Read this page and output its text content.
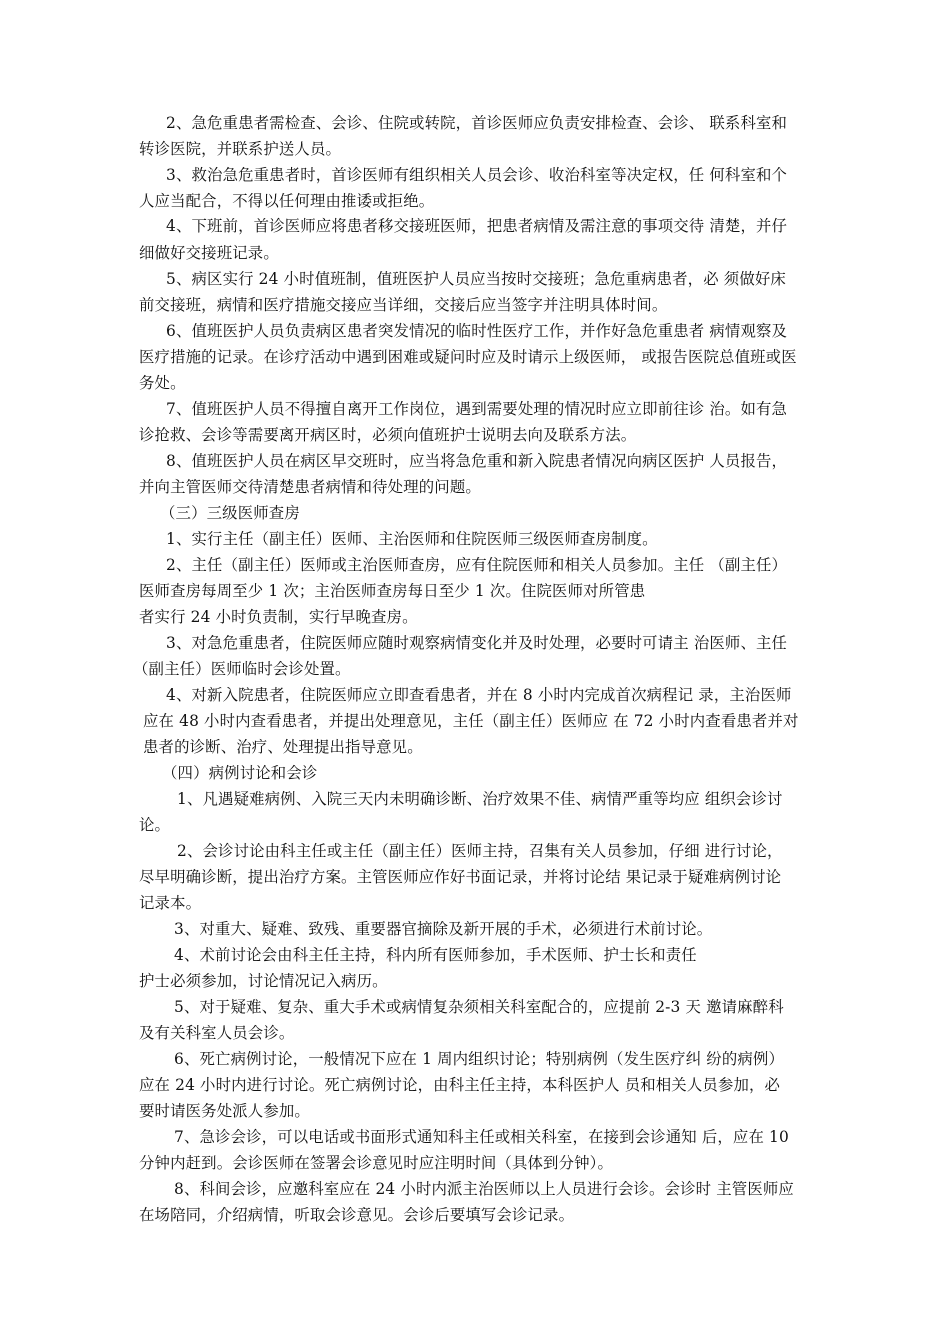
2、急危重患者需检查、会诊、住院或转院，首诊医师应负责安排检查、会诊、 联系科室和
转诊医院，并联系护送人员。
3、救治急危重患者时，首诊医师有组织相关人员会诊、收治科室等决定权，任 何科室和个
人应当配合，不得以任何理由推诿或拒绝。
4、下班前，首诊医师应将患者移交接班医师，把患者病情及需注意的事项交待 清楚，并仔
细做好交接班记录。
5、病区实行 24 小时值班制，值班医护人员应当按时交接班；急危重病患者，必 须做好床
前交接班，病情和医疗措施交接应当详细，交接后应当签字并注明具体时间。
6、值班医护人员负责病区患者突发情况的临时性医疗工作，并作好急危重患者 病情观察及
医疗措施的记录。在诊疗活动中遇到困难或疑问时应及时请示上级医师， 或报告医院总值班或医
务处。
7、值班医护人员不得擅自离开工作岗位，遇到需要处理的情况时应立即前往诊 治。如有急
诊抢救、会诊等需要离开病区时，必须向值班护士说明去向及联系方法。
8、值班医护人员在病区早交班时，应当将急危重和新入院患者情况向病区医护 人员报告，
并向主管医师交待清楚患者病情和待处理的问题。
（三）三级医师查房
1、实行主任（副主任）医师、主治医师和住院医师三级医师查房制度。
2、主任（副主任）医师或主治医师查房，应有住院医师和相关人员参加。主任 （副主任）
医师查房每周至少 1 次；主治医师查房每日至少 1 次。住院医师对所管患
者实行 24 小时负责制，实行早晚查房。
3、对急危重患者，住院医师应随时观察病情变化并及时处理，必要时可请主 治医师、主任
（副主任）医师临时会诊处置。
4、对新入院患者，住院医师应立即查看患者，并在 8 小时内完成首次病程记 录，主治医师
应在 48 小时内查看患者，并提出处理意见，主任（副主任）医师应 在 72 小时内查看患者并对
患者的诊断、治疗、处理提出指导意见。
（四）病例讨论和会诊
1、凡遇疑难病例、入院三天内未明确诊断、治疗效果不佳、病情严重等均应 组织会诊讨
论。
2、会诊讨论由科主任或主任（副主任）医师主持，召集有关人员参加，仔细 进行讨论，
尽早明确诊断，提出治疗方案。主管医师应作好书面记录，并将讨论结 果记录于疑难病例讨论
记录本。
3、对重大、疑难、致残、重要器官摘除及新开展的手术，必须进行术前讨论。
4、术前讨论会由科主任主持，科内所有医师参加，手术医师、护士长和责任
护士必须参加，讨论情况记入病历。
5、对于疑难、复杂、重大手术或病情复杂须相关科室配合的，应提前 2-3 天 邀请麻醉科
及有关科室人员会诊。
6、死亡病例讨论，一般情况下应在 1 周内组织讨论；特别病例（发生医疗纠 纷的病例）
应在 24 小时内进行讨论。死亡病例讨论，由科主任主持，本科医护人 员和相关人员参加，必
要时请医务处派人参加。
7、急诊会诊，可以电话或书面形式通知科主任或相关科室，在接到会诊通知 后，应在 10
分钟内赶到。会诊医师在签署会诊意见时应注明时间（具体到分钟）。
8、科间会诊，应邀科室应在 24 小时内派主治医师以上人员进行会诊。会诊时 主管医师应
在场陪同，介绍病情，听取会诊意见。会诊后要填写会诊记录。
